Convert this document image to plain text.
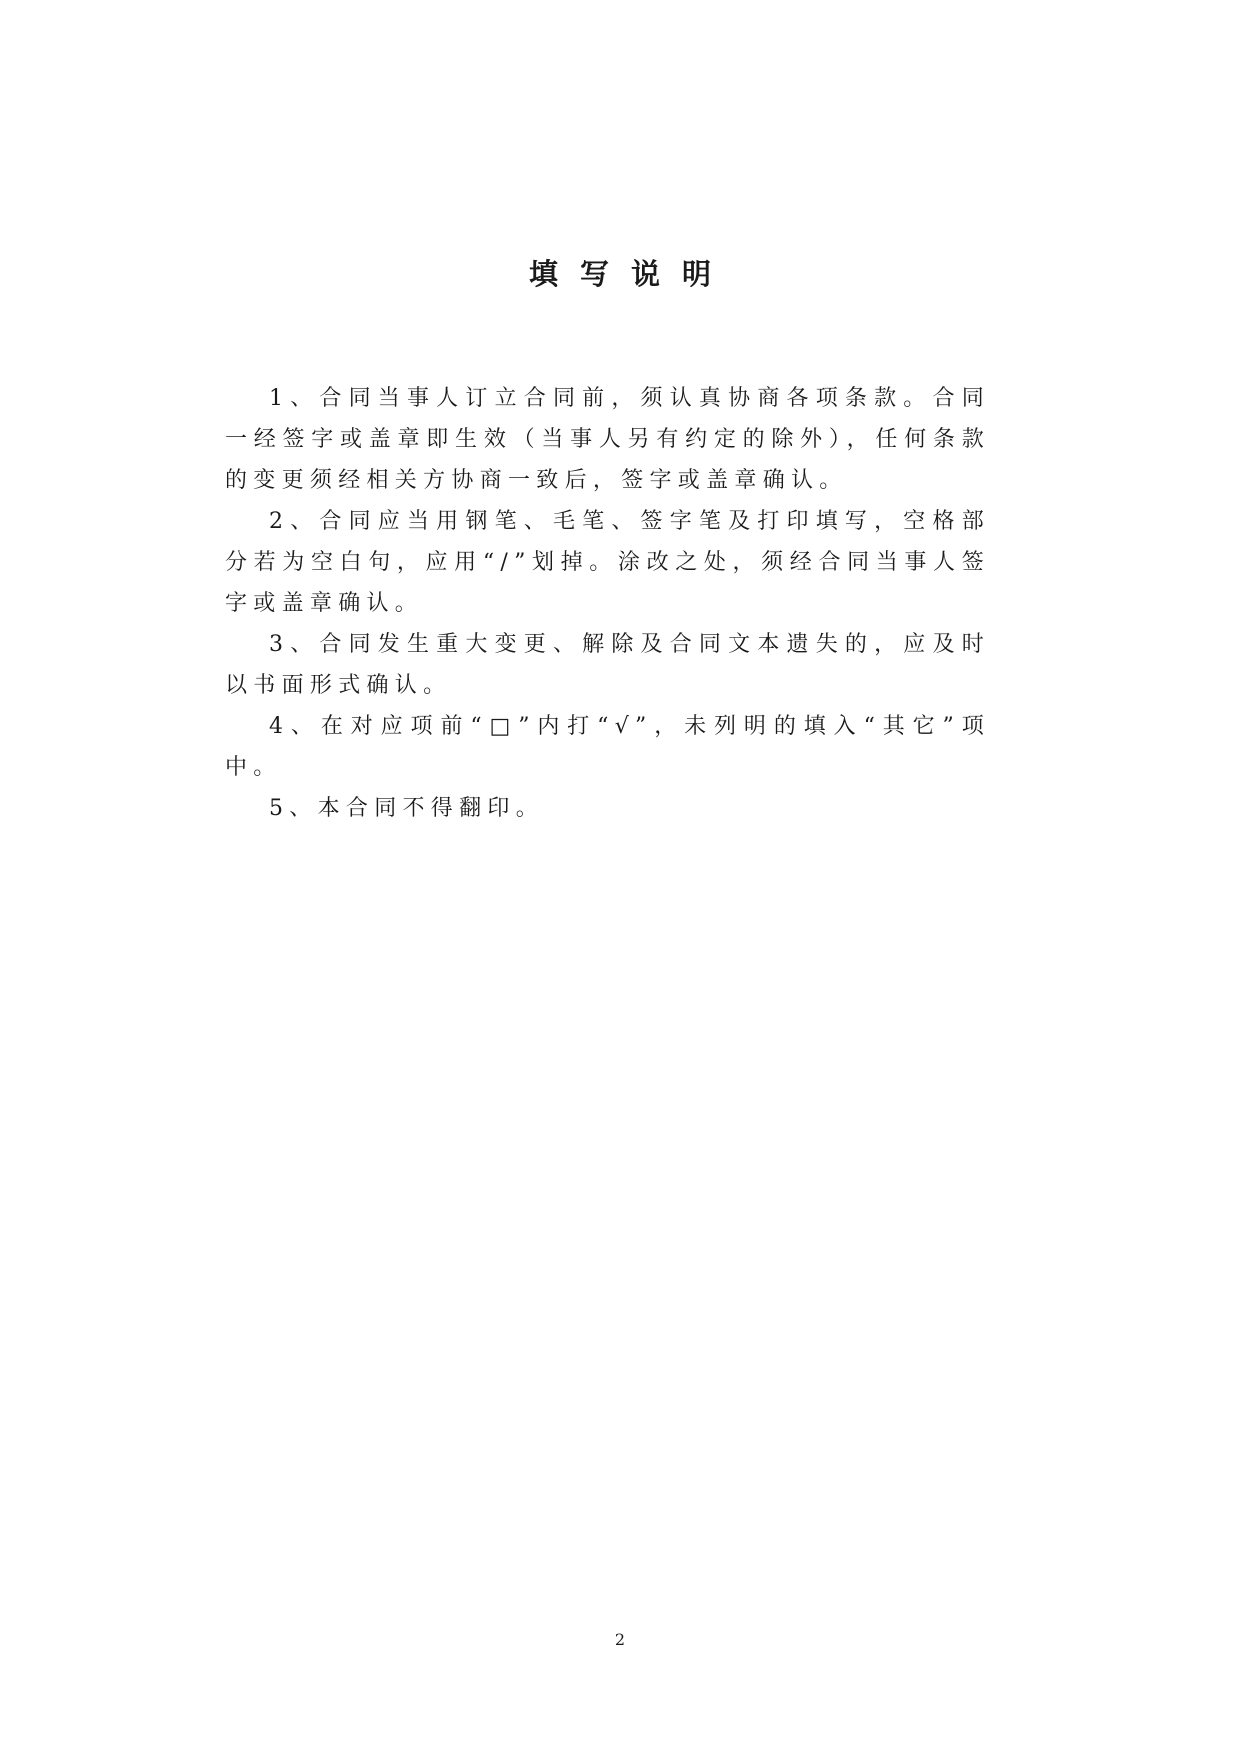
填写说明

1、合同当事人订立合同前，须认真协商各项条款。合同一经签字或盖章即生效（当事人另有约定的除外），任何条款的变更须经相关方协商一致后，签字或盖章确认。

2、合同应当用钢笔、毛笔、签字笔及打印填写，空格部分若为空白句，应用“/”划掉。涂改之处，须经合同当事人签字或盖章确认。

3、合同发生重大变更、解除及合同文本遗失的，应及时以书面形式确认。

4、在对应项前“□”内打“√”，未列明的填入“其它”项中。

5、本合同不得翻印。

2
